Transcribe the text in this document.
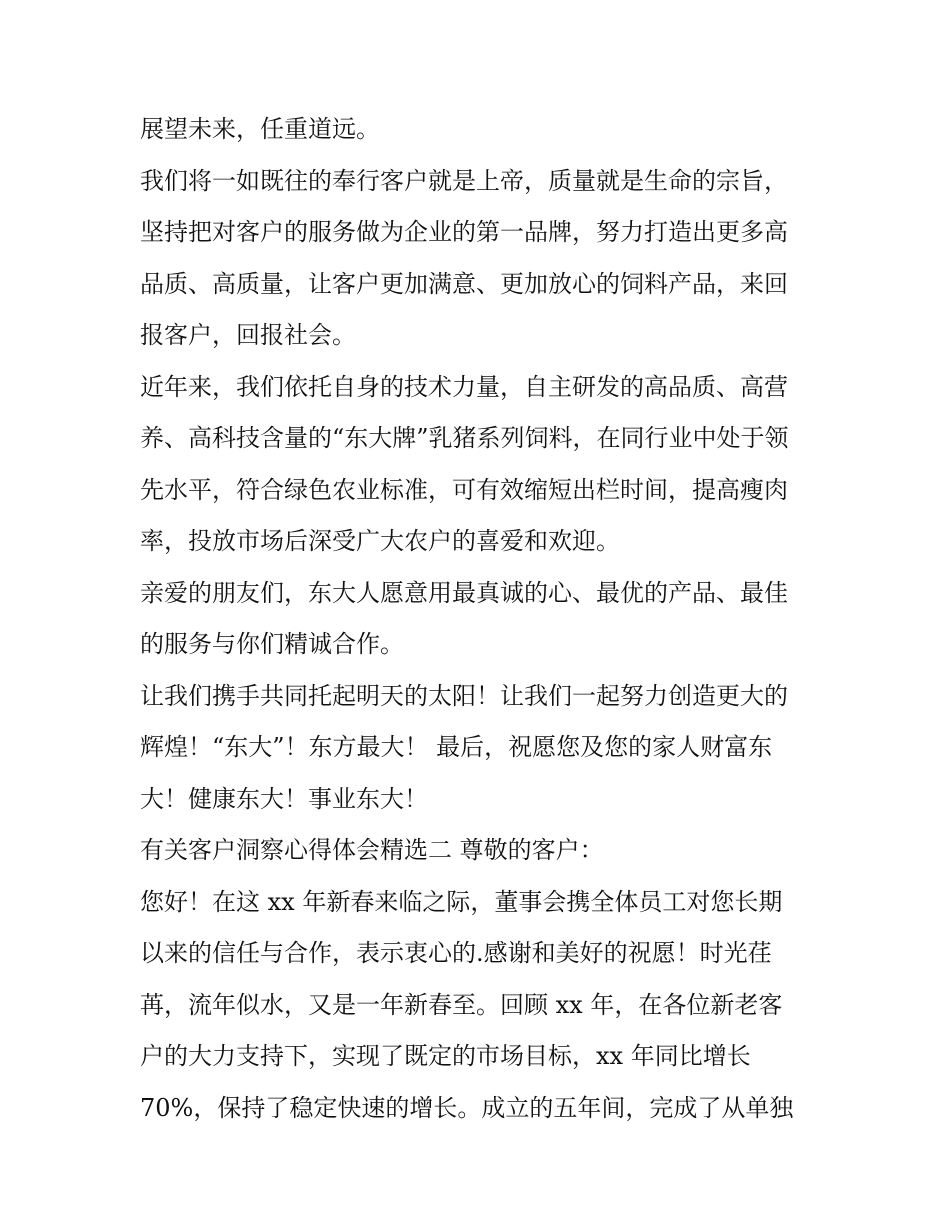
展望未来，任重道远。
我们将一如既往的奉行客户就是上帝，质量就是生命的宗旨，
坚持把对客户的服务做为企业的第一品牌，努力打造出更多高
品质、高质量，让客户更加满意、更加放心的饲料产品，来回
报客户，回报社会。
近年来，我们依托自身的技术力量，自主研发的高品质、高营
养、高科技含量的“东大牌”乳猪系列饲料，在同行业中处于领
先水平，符合绿色农业标准，可有效缩短出栏时间，提高瘦肉
率，投放市场后深受广大农户的喜爱和欢迎。
亲爱的朋友们，东大人愿意用最真诚的心、最优的产品、最佳
的服务与你们精诚合作。
让我们携手共同托起明天的太阳！让我们一起努力创造更大的
辉煌！“东大”！东方最大！ 最后，祝愿您及您的家人财富东
大！健康东大！事业东大！
有关客户洞察心得体会精选二 尊敬的客户：
您好！在这 xx 年新春来临之际，董事会携全体员工对您长期
以来的信任与合作，表示衷心的.感谢和美好的祝愿！时光荏
苒，流年似水，又是一年新春至。回顾 xx 年，在各位新老客
户的大力支持下，实现了既定的市场目标，xx 年同比增长
70%，保持了稳定快速的增长。成立的五年间，完成了从单独
